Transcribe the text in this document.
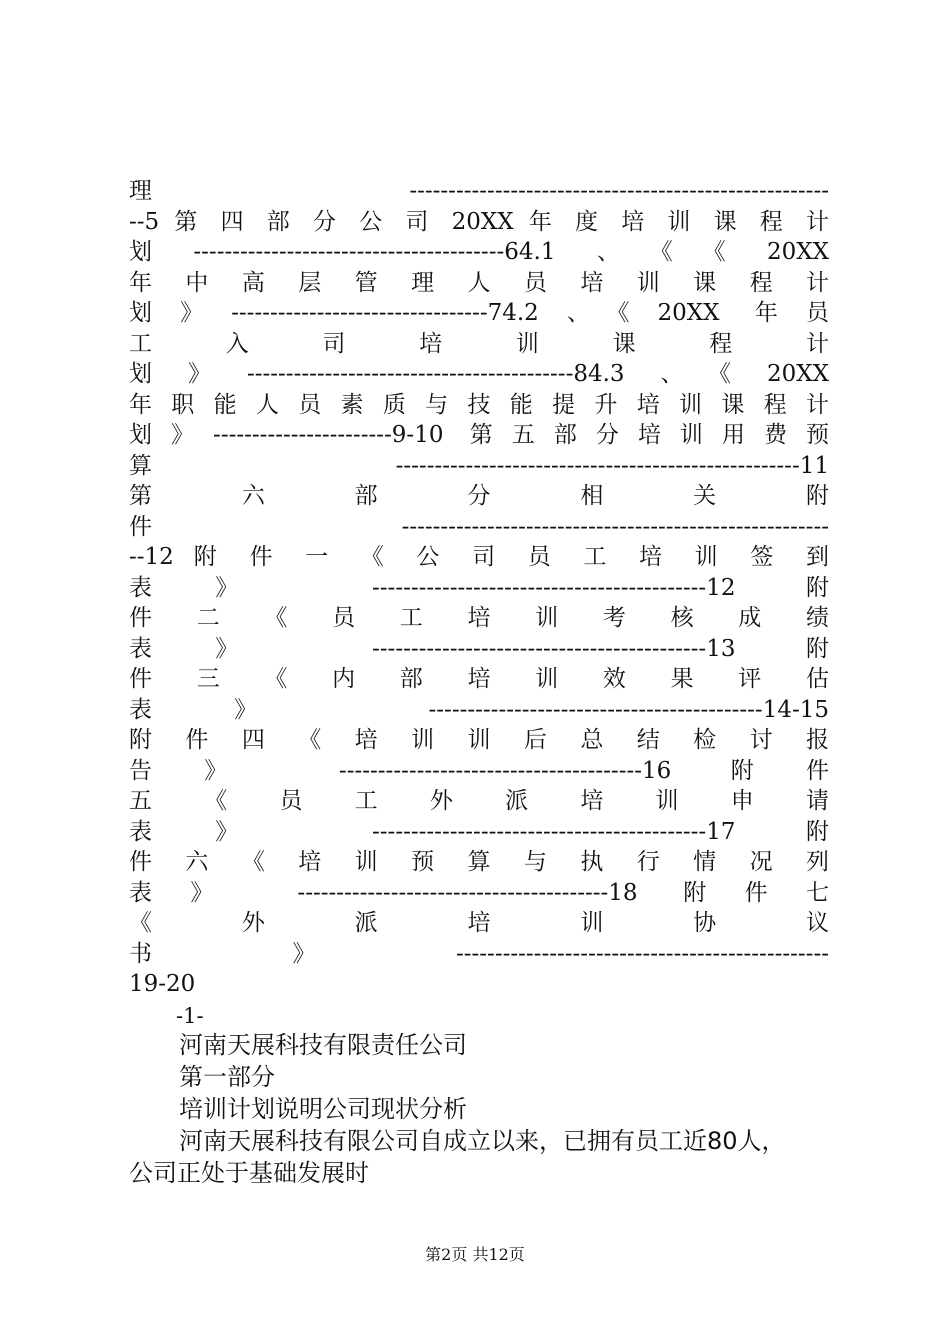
理 ------------------------------------------------------
--5 第 四 部 分 公 司 20XX 年 度 培 训 课 程 计
划----------------------------------------64.1、《《20XX
年 中 高 层 管 理 人 员 培 训 课 程 计
划》---------------------------------74.2、《20XX 年员
工 入 司 培 训 课 程 计
划》------------------------------------------84.3、《20XX
年 职 能 人 员 素 质 与 技 能 提 升 培 训 课 程 计
划》-----------------------9-10 第五部分培训用费预
算----------------------------------------------------11
第 六 部 分 相 关 附
件-------------------------------------------------------
--12 附 件 一 《 公 司 员 工 培 训 签 到
表》 -------------------------------------------12 附
件 二 《 员 工 培 训 考 核 成 绩
表》 -------------------------------------------13 附
件 三 《 内 部 培 训 效 果 评 估
表》 -------------------------------------------14-15
附 件 四 《 培 训 训 后 总 结 检 讨 报
告》 ---------------------------------------16 附件
五 《 员 工 外 派 培 训 申 请
表》 -------------------------------------------17 附
件 六 《 培 训 预 算 与 执 行 情 况 列
表》 ----------------------------------------18 附件七
《 外 派 培 训 协 议
书 》 ------------------------------------------------
19-20
-1-
河南天展科技有限责任公司
第一部分
培训计划说明公司现状分析
河南天展科技有限公司自成立以来，已拥有员工近80人，
公司正处于基础发展时
第2页 共12页
